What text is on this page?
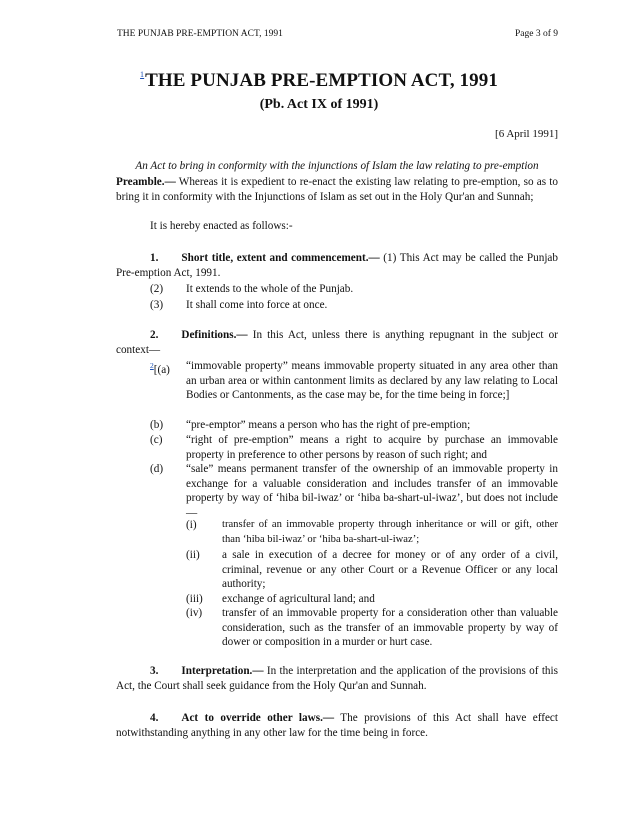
THE PUNJAB PRE-EMPTION ACT, 1991	Page 3 of 9
$^1$THE PUNJAB PRE-EMPTION ACT, 1991
(Pb. Act IX of 1991)
[6 April 1991]
An Act to bring in conformity with the injunctions of Islam the law relating to pre-emption
Preamble.— Whereas it is expedient to re-enact the existing law relating to pre-emption, so as to bring it in conformity with the Injunctions of Islam as set out in the Holy Qur'an and Sunnah;
It is hereby enacted as follows:-
1. Short title, extent and commencement.— (1) This Act may be called the Punjab Pre-emption Act, 1991.
(2) It extends to the whole of the Punjab.
(3) It shall come into force at once.
2. Definitions.— In this Act, unless there is anything repugnant in the subject or context—
$^2$[(a) “immovable property” means immovable property situated in any area other than an urban area or within cantonment limits as declared by any law relating to Local Bodies or Cantonments, as the case may be, for the time being in force;]
(b) “pre-emptor” means a person who has the right of pre-emption;
(c) “right of pre-emption” means a right to acquire by purchase an immovable property in preference to other persons by reason of such right; and
(d) “sale” means permanent transfer of the ownership of an immovable property in exchange for a valuable consideration and includes transfer of an immovable property by way of ‘hiba bil-iwaz’ or ‘hiba ba-shart-ul-iwaz’, but does not include—
(i) transfer of an immovable property through inheritance or will or gift, other than ‘hiba bil-iwaz’ or ‘hiba ba-shart-ul-iwaz’;
(ii) a sale in execution of a decree for money or of any order of a civil, criminal, revenue or any other Court or a Revenue Officer or any local authority;
(iii) exchange of agricultural land; and
(iv) transfer of an immovable property for a consideration other than valuable consideration, such as the transfer of an immovable property by way of dower or composition in a murder or hurt case.
3. Interpretation.— In the interpretation and the application of the provisions of this Act, the Court shall seek guidance from the Holy Qur'an and Sunnah.
4. Act to override other laws.— The provisions of this Act shall have effect notwithstanding anything in any other law for the time being in force.
